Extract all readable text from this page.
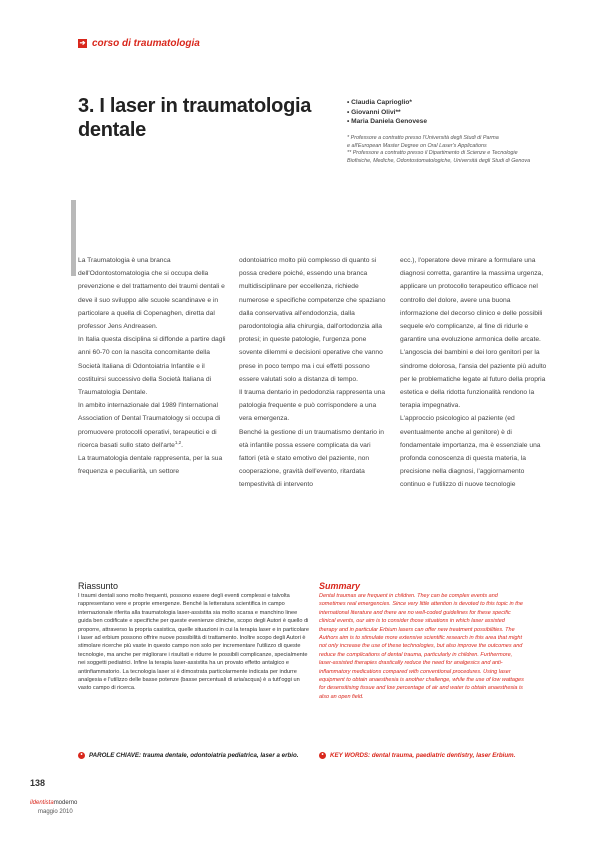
➔ corso di traumatologia
3. I laser in traumatologia dentale
• Claudia Caprioglio*
• Giovanni Olivi**
• Maria Daniela Genovese

* Professore a contratto presso l'Università degli Studi di Parma

e all'European Master Degree on Oral Laser's Applications

** Professore a contratto presso il Dipartimento di Scienze e Tecnologie

Biofisiche, Mediche, Odontostomatologiche, Università degli Studi di Genova

La Traumatologia è una branca dell'Odontostomatologia che si occupa della prevenzione e del trattamento dei traumi dentali e deve il suo sviluppo alle scuole scandinave e in particolare a quella di Copenaghen, diretta dal professor Jens Andreasen.

In Italia questa disciplina si diffonde a partire dagli anni 60-70 con la nascita concomitante della Società Italiana di Odontoiatria Infantile e il costituirsi successivo della Società Italiana di Traumatologia Dentale.

In ambito internazionale dal 1989 l'International Association of Dental Traumatology si occupa di promuovere protocolli operativi, terapeutici e di ricerca basati sullo stato dell'arte$^{1,2}$.

La traumatologia dentale rappresenta, per la sua frequenza e peculiarità, un settore

odontoiatrico molto più complesso di quanto si possa credere poiché, essendo una branca multidisciplinare per eccellenza, richiede numerose e specifiche competenze che spaziano dalla conservativa all'endodonzia, dalla parodontologia alla chirurgia, dall'ortodonzia alla protesi; in queste patologie, l'urgenza pone sovente dilemmi e decisioni operative che vanno prese in poco tempo ma i cui effetti possono essere valutati solo a distanza di tempo.

Il trauma dentario in pedodonzia rappresenta una patologia frequente e può corrispondere a una vera emergenza.

Benché la gestione di un traumatismo dentario in età infantile possa essere complicata da vari fattori (età e stato emotivo del paziente, non cooperazione, gravità dell'evento, ritardata tempestività di intervento

ecc.), l'operatore deve mirare a formulare una diagnosi corretta, garantire la massima urgenza, applicare un protocollo terapeutico efficace nel controllo del dolore, avere una buona informazione del decorso clinico e delle possibili sequele e/o complicanze, al fine di ridurle e garantire una evoluzione armonica delle arcate.

L'angoscia dei bambini e dei loro genitori per la sindrome dolorosa, l'ansia del paziente più adulto per le problematiche legate al futuro della propria estetica e della ridotta funzionalità rendono la terapia impegnativa.

L'approccio psicologico al paziente (ed eventualmente anche al genitore) è di fondamentale importanza, ma è essenziale una profonda conoscenza di questa materia, la precisione nella diagnosi, l'aggiornamento continuo e l'utilizzo di nuove tecnologie

Riassunto

I traumi dentali sono molto frequenti, possono essere degli eventi complessi e talvolta rappresentano vere e proprie emergenze. Benché la letteratura scientifica in campo internazionale riferita alla traumatologia laser-assistita sia molto scarsa e manchino linee guida ben codificate e specifiche per queste evenienze cliniche, scopo degli Autori è quello di proporre, attraverso la propria casistica, quelle situazioni in cui la terapia laser e in particolare i laser ad erbium possono offrire nuove possibilità di trattamento. Inoltre scopo degli Autori è stimolare ricerche più vaste in questo campo non solo per incrementare l'utilizzo di queste tecnologie, ma anche per migliorare i risultati e ridurre le possibili complicanze, specialmente nei soggetti pediatrici. Infine la terapia laser-assistita ha un provato effetto antalgico e antinfiammatorio. La tecnologia laser si è dimostrata particolarmente indicata per indurre analgesia e l'utilizzo delle basse potenze (basse percentuali di aria/acqua) è a tutt'oggi un vasto campo di ricerca.

Summary

Dental traumas are frequent in children. They can be complex events and sometimes real emergencies. Since very little attention is devoted to this topic in the international literature and there are no well-coded guidelines for these specific clinical events, our aim is to consider those situations in which laser assisted therapy and in particular Erbium lasers can offer new treatment possibilities. The Authors aim is to stimulate more extensive scientific research in this area that might not only increase the use of these technologies, but also improve the outcomes and reduce the complications of dental trauma, particularly in children. Furthermore, laser-assisted therapies drastically reduce the need for analgesics and anti-inflammatory medications compared with conventional procedures. Using laser equipment to obtain anaesthesia is another challenge, while the use of low wattages for desensitising tissue and low percentage of air and water to obtain anaesthesia is also an open field.

•	PAROLE CHIAVE: trauma dentale, odontoiatria pediatrica, laser a erbio.	•	KEY WORDS: dental trauma, paediatric dentistry, laser Erbium.
138
ildentistamoderno
maggio 2010
